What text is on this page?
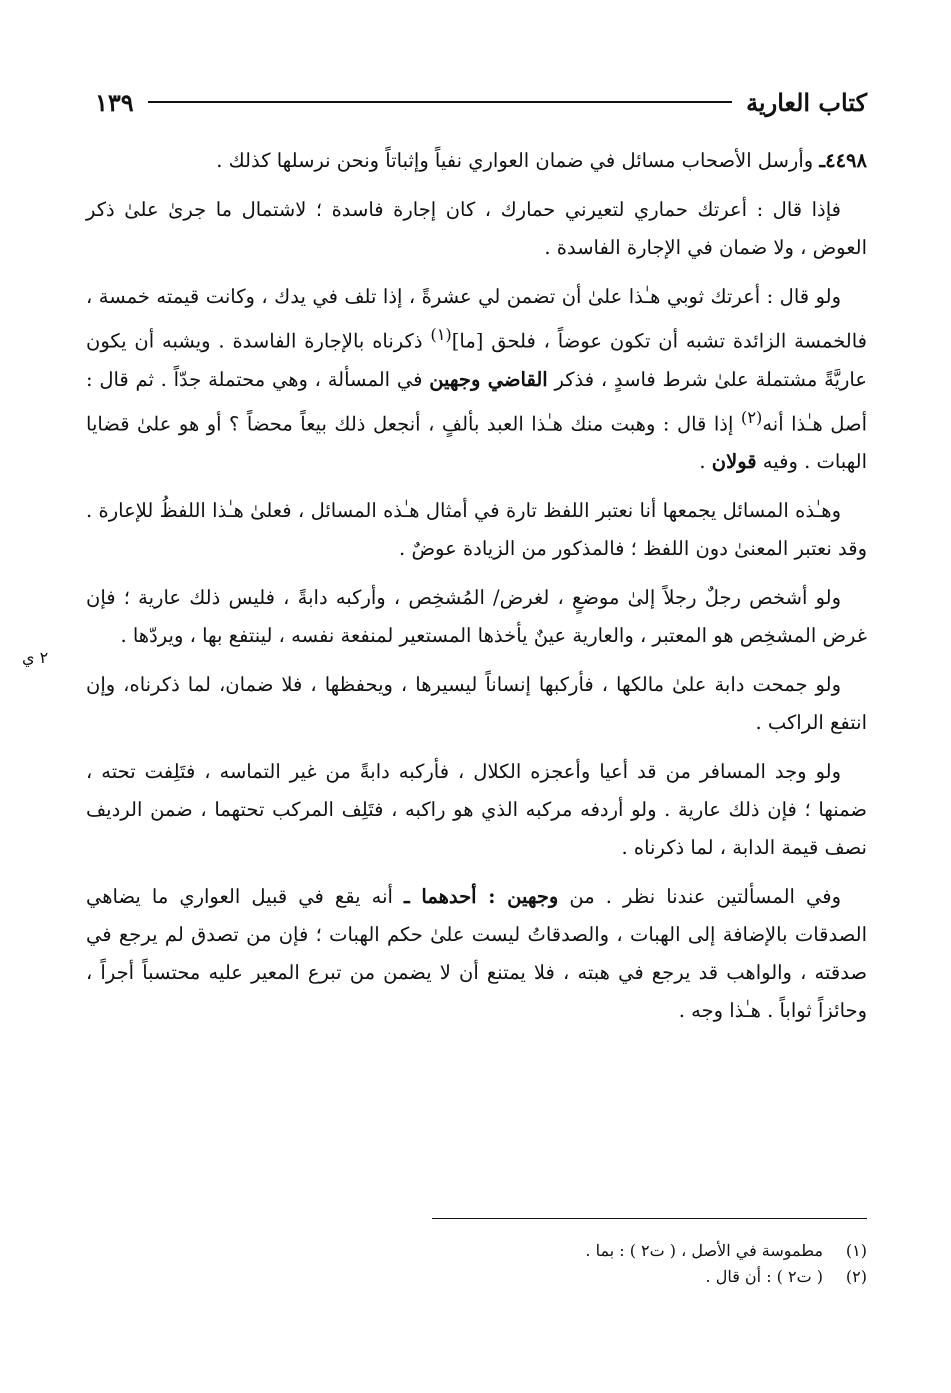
كتاب العارية
١٣٩

٤٤٩٨ـ وأرسل الأصحاب مسائل في ضمان العواري نفياً وإثباتاً ونحن نرسلها كذلك .

فإذا قال : أعرتك حماري لتعيرني حمارك ، كان إجارة فاسدة ؛ لاشتمال ما جرىٰ علىٰ ذكر العوض ، ولا ضمان في الإجارة الفاسدة .

ولو قال : أعرتك ثوبي هـٰذا علىٰ أن تضمن لي عشرةً ، إذا تلف في يدك ، وكانت قيمته خمسة ، فالخمسة الزائدة تشبه أن تكون عوضاً ، فلحق [ما]$^{(١)}$ ذكرناه بالإجارة الفاسدة . ويشبه أن يكون عاريَّةً مشتملة علىٰ شرط فاسدٍ ، فذكر القاضي وجهين في المسألة ، وهي محتملة جدّاً . ثم قال : أصل هـٰذا أنه$^{(٢)}$ إذا قال : وهبت منك هـٰذا العبد بألفٍ ، أنجعل ذلك بيعاً محضاً ؟ أو هو علىٰ قضايا الهبات . وفيه قولان .

وهـٰذه المسائل يجمعها أنا نعتبر اللفظ تارة في أمثال هـٰذه المسائل ، فعلىٰ هـٰذا اللفظُ للإعارة . وقد نعتبر المعنىٰ دون اللفظ ؛ فالمذكور من الزيادة عوضٌ .

ولو أشخص رجلٌ رجلاً إلىٰ موضعٍ ، لغرض/ المُشخِص ، وأركبه دابةً ، فليس ذلك عارية ؛ فإن غرض المشخِص هو المعتبر ، والعارية عينٌ يأخذها المستعير لمنفعة نفسه ، لينتفع بها ، ويردّها .

ولو جمحت دابة علىٰ مالكها ، فأركبها إنساناً ليسيرها ، ويحفظها ، فلا ضمان، لما ذكرناه، وإن انتفع الراكب .

ولو وجد المسافر من قد أعيا وأعجزه الكلال ، فأركبه دابةً من غير التماسه ، فتَلِفت تحته ، ضمنها ؛ فإن ذلك عارية . ولو أردفه مركبه الذي هو راكبه ، فتَلِف المركب تحتهما ، ضمن الرديف نصف قيمة الدابة ، لما ذكرناه .

وفي المسألتين عندنا نظر . من وجهين : أحدهما ـ أنه يقع في قبيل العواري ما يضاهي الصدقات بالإضافة إلى الهبات ، والصدقاتُ ليست علىٰ حكم الهبات ؛ فإن من تصدق لم يرجع في صدقته ، والواهب قد يرجع في هبته ، فلا يمتنع أن لا يضمن من تبرع المعير عليه محتسباً أجراً ، وحائزاً ثواباً . هـٰذا وجه .

٢ ي

(١)مطموسة في الأصل ، ( ت٢ ) : بما .

(٢)( ت٢ ) : أن قال .
